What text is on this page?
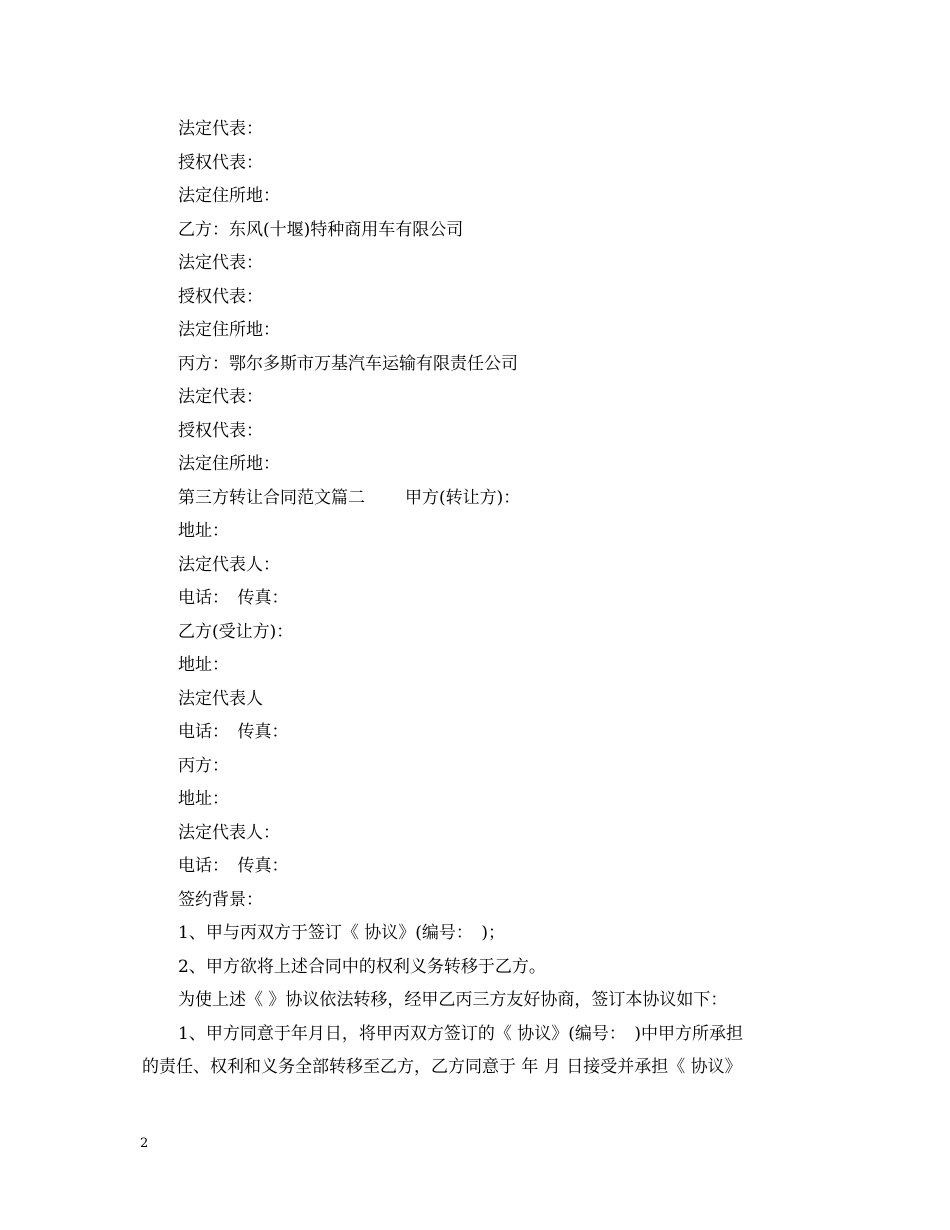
法定代表：
授权代表：
法定住所地：
乙方：东风(十堰)特种商用车有限公司
法定代表：
授权代表：
法定住所地：
丙方：鄂尔多斯市万基汽车运输有限责任公司
法定代表：
授权代表：
法定住所地：
第三方转让合同范文篇二 甲方(转让方)：
地址：
法定代表人：
电话：　传真：
乙方(受让方)：
地址：
法定代表人
电话：　传真：
丙方：
地址：
法定代表人：
电话：　传真：
签约背景：
1、甲与丙双方于签订《 协议》(编号：　)；
2、甲方欲将上述合同中的权利义务转移于乙方。
为使上述《 》协议依法转移，经甲乙丙三方友好协商，签订本协议如下：
1、甲方同意于年月日，将甲丙双方签订的《 协议》(编号：　)中甲方所承担
的责任、权利和义务全部转移至乙方，乙方同意于 年 月 日接受并承担《 协议》
2
